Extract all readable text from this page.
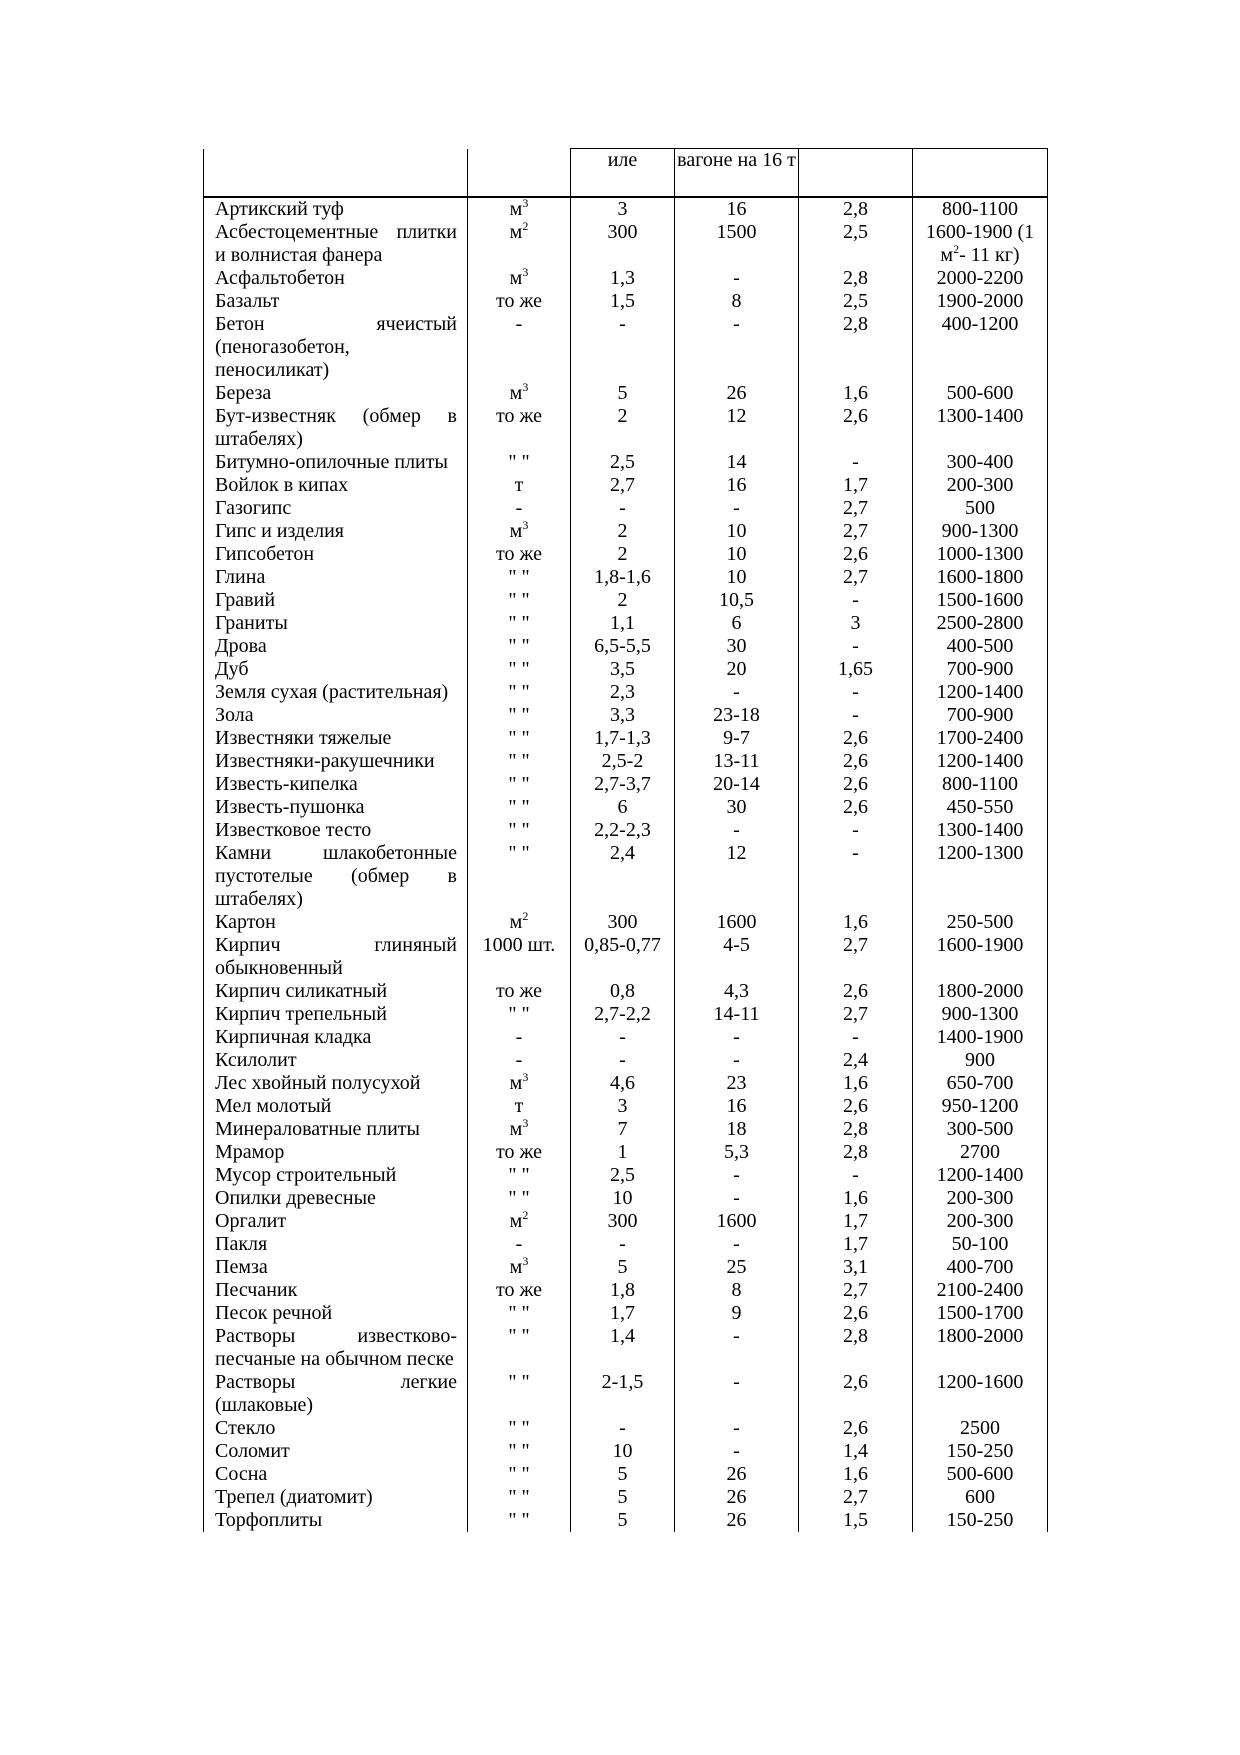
		иле	вагоне на 16 т		
Артикский туф	$м^3$	3	16	2,8	800-1100
Асбестоцементные плитки и волнистая фанера	$м^2$	300	1500	2,5	1600-1900 (1 $м^2-$ 11 кг)
Асфальтобетон	$м^3$	1,3	-	2,8	2000-2200
Базальт	то же	1,5	8	2,5	1900-2000
Бетон ячеистый (пеногазобетон, пеносиликат)	-	-	-	2,8	400-1200
Береза	$м^3$	5	26	1,6	500-600
Бут-известняк (обмер в штабелях)	то же	2	12	2,6	1300-1400
Битумно-опилочные плиты	" "	2,5	14	-	300-400
Войлок в кипах	т	2,7	16	1,7	200-300
Газогипс	-	-	-	2,7	500
Гипс и изделия	$м^3$	2	10	2,7	900-1300
Гипсобетон	то же	2	10	2,6	1000-1300
Глина	" "	1,8-1,6	10	2,7	1600-1800
Гравий	" "	2	10,5	-	1500-1600
Граниты	" "	1,1	6	3	2500-2800
Дрова	" "	6,5-5,5	30	-	400-500
Дуб	" "	3,5	20	1,65	700-900
Земля сухая (растительная)	" "	2,3	-	-	1200-1400
Зола	" "	3,3	23-18	-	700-900
Известняки тяжелые	" "	1,7-1,3	9-7	2,6	1700-2400
Известняки-ракушечники	" "	2,5-2	13-11	2,6	1200-1400
Известь-кипелка	" "	2,7-3,7	20-14	2,6	800-1100
Известь-пушонка	" "	6	30	2,6	450-550
Известковое тесто	" "	2,2-2,3	-	-	1300-1400
Камни шлакобетонные пустотелые (обмер в штабелях)	" "	2,4	12	-	1200-1300
Картон	$м^2$	300	1600	1,6	250-500
Кирпич глиняный обыкновенный	1000 шт.	0,85-0,77	4-5	2,7	1600-1900
Кирпич силикатный	то же	0,8	4,3	2,6	1800-2000
Кирпич трепельный	" "	2,7-2,2	14-11	2,7	900-1300
Кирпичная кладка	-	-	-	-	1400-1900
Ксилолит	-	-	-	2,4	900
Лес хвойный полусухой	$м^3$	4,6	23	1,6	650-700
Мел молотый	т	3	16	2,6	950-1200
Минераловатные плиты	$м^3$	7	18	2,8	300-500
Мрамор	то же	1	5,3	2,8	2700
Мусор строительный	" "	2,5	-	-	1200-1400
Опилки древесные	" "	10	-	1,6	200-300
Оргалит	$м^2$	300	1600	1,7	200-300
Пакля	-	-	-	1,7	50-100
Пемза	$м^3$	5	25	3,1	400-700
Песчаник	то же	1,8	8	2,7	2100-2400
Песок речной	" "	1,7	9	2,6	1500-1700
Растворы известково-песчаные на обычном песке	" "	1,4	-	2,8	1800-2000
Растворы легкие (шлаковые)	" "	2-1,5	-	2,6	1200-1600
Стекло	" "	-	-	2,6	2500
Соломит	" "	10	-	1,4	150-250
Сосна	" "	5	26	1,6	500-600
Трепел (диатомит)	" "	5	26	2,7	600
Торфоплиты	" "	5	26	1,5	150-250
